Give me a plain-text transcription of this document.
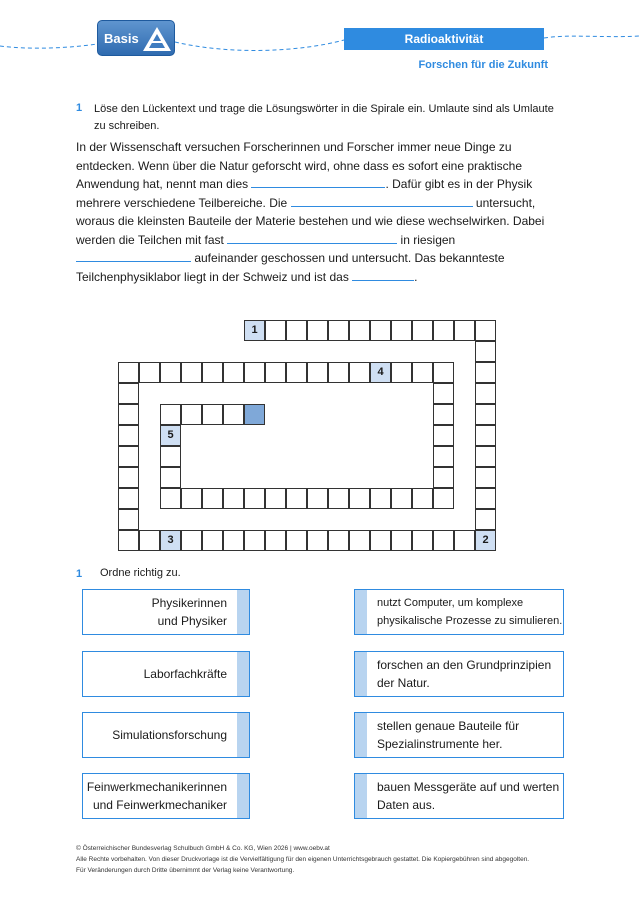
Basis	Radioaktivität
Forschen für die Zukunft
1 Löse den Lückentext und trage die Lösungswörter in die Spirale ein. Umlaute sind als Umlaute zu schreiben.
In der Wissenschaft versuchen Forscherinnen und Forscher immer neue Dinge zu entdecken. Wenn über die Natur geforscht wird, ohne dass es sofort eine praktische Anwendung hat, nennt man dies	. Dafür gibt es in der Physik mehrere verschiedene Teilbereiche. Die	untersucht, woraus die kleinsten Bauteile der Materie bestehen und wie diese wechselwirken. Dabei werden die Teilchen mit fast	in riesigen  aufeinander geschossen und untersucht. Das bekannteste Teilchenphysiklabor liegt in der Schweiz und ist das	.
1
2
3
4
5
1 Ordne richtig zu.
Physikerinnen
und Physiker
Laborfachkräfte
Simulationsforschung
Feinwerkmechanikerinnen
und Feinwerkmechaniker
nutzt Computer, um komplexe
physikalische Prozesse zu simulieren.
forschen an den Grundprinzipien
der Natur.
stellen genaue Bauteile für
Spezialinstrumente her.
bauen Messgeräte auf und werten
Daten aus.
© Österreichischer Bundesverlag Schulbuch GmbH & Co. KG, Wien 2026 | www.oebv.at
Alle Rechte vorbehalten. Von dieser Druckvorlage ist die Vervielfältigung für den eigenen Unterrichtsgebrauch gestattet. Die Kopiergebühren sind abgegolten.
Für Veränderungen durch Dritte übernimmt der Verlag keine Verantwortung.
